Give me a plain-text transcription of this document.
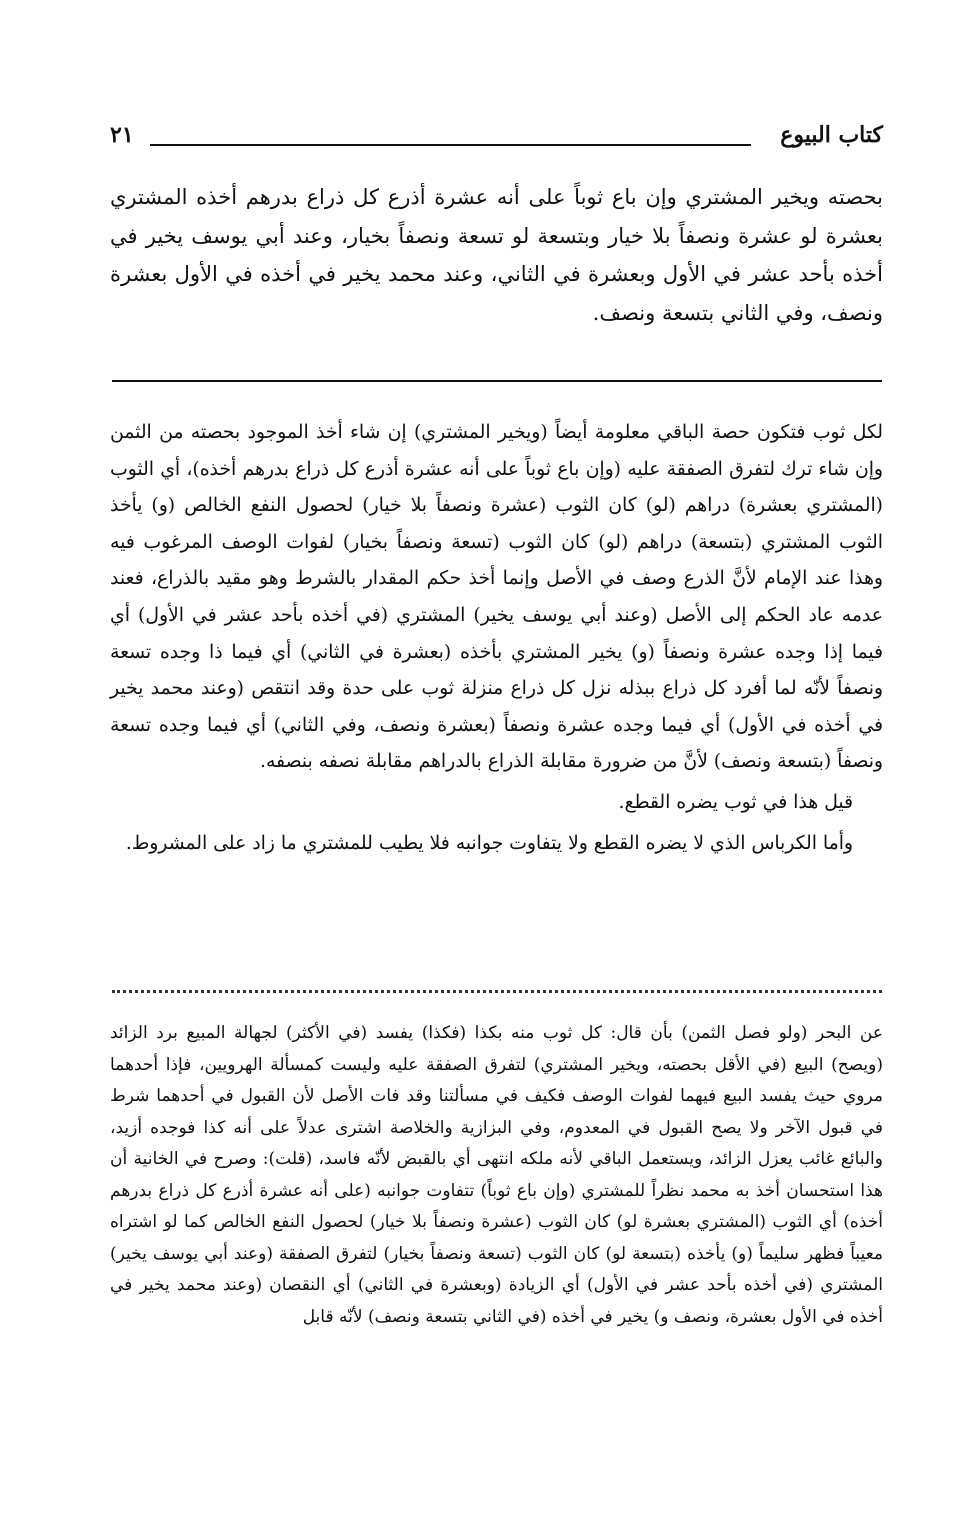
كتاب البيوع
٢١
بحصته ويخير المشتري وإن باع ثوباً على أنه عشرة أذرع كل ذراع بدرهم أخذه المشتري بعشرة لو عشرة ونصفاً بلا خيار وبتسعة لو تسعة ونصفاً بخيار، وعند أبي يوسف يخير في أخذه بأحد عشر في الأول وبعشرة في الثاني، وعند محمد يخير في أخذه في الأول بعشرة ونصف، وفي الثاني بتسعة ونصف.

لكل ثوب فتكون حصة الباقي معلومة أيضاً (ويخير المشتري) إن شاء أخذ الموجود بحصته من الثمن وإن شاء ترك لتفرق الصفقة عليه (وإن باع ثوباً على أنه عشرة أذرع كل ذراع بدرهم أخذه)، أي الثوب (المشتري بعشرة) دراهم (لو) كان الثوب (عشرة ونصفاً بلا خيار) لحصول النفع الخالص (و) يأخذ الثوب المشتري (بتسعة) دراهم (لو) كان الثوب (تسعة ونصفاً بخيار) لفوات الوصف المرغوب فيه وهذا عند الإمام لأنَّ الذرع وصف في الأصل وإنما أخذ حكم المقدار بالشرط وهو مقيد بالذراع، فعند عدمه عاد الحكم إلى الأصل (وعند أبي يوسف يخير) المشتري (في أخذه بأحد عشر في الأول) أي فيما إذا وجده عشرة ونصفاً (و) يخير المشتري بأخذه (بعشرة في الثاني) أي فيما ذا وجده تسعة ونصفاً لأنّه لما أفرد كل ذراع ببذله نزل كل ذراع منزلة ثوب على حدة وقد انتقص (وعند محمد يخير في أخذه في الأول) أي فيما وجده عشرة ونصفاً (بعشرة ونصف، وفي الثاني) أي فيما وجده تسعة ونصفاً (بتسعة ونصف) لأنَّ من ضرورة مقابلة الذراع بالدراهم مقابلة نصفه بنصفه.

قيل هذا في ثوب يضره القطع.

وأما الكرباس الذي لا يضره القطع ولا يتفاوت جوانبه فلا يطيب للمشتري ما زاد على المشروط.

عن البحر (ولو فصل الثمن) بأن قال: كل ثوب منه بكذا (فكذا) يفسد (في الأكثر) لجهالة المبيع برد الزائد (ويصح) البيع (في الأقل بحصته، ويخير المشتري) لتفرق الصفقة عليه وليست كمسألة الهرويين، فإذا أحدهما مروي حيث يفسد البيع فيهما لفوات الوصف فكيف في مسألتنا وقد فات الأصل لأن القبول في أحدهما شرط في قبول الآخر ولا يصح القبول في المعدوم، وفي البزازية والخلاصة اشترى عدلاً على أنه كذا فوجده أزيد، والبائع غائب يعزل الزائد، ويستعمل الباقي لأنه ملكه انتهى أي بالقبض لأنّه فاسد، (قلت): وصرح في الخانية أن هذا استحسان أخذ به محمد نظراً للمشتري (وإن باع ثوباً) تتفاوت جوانبه (على أنه عشرة أذرع كل ذراع بدرهم أخذه) أي الثوب (المشتري بعشرة لو) كان الثوب (عشرة ونصفاً بلا خيار) لحصول النفع الخالص كما لو اشتراه معيباً فظهر سليماً (و) يأخذه (بتسعة لو) كان الثوب (تسعة ونصفاً بخيار) لتفرق الصفقة (وعند أبي يوسف يخير) المشتري (في أخذه بأحد عشر في الأول) أي الزيادة (وبعشرة في الثاني) أي النقصان (وعند محمد يخير في أخذه في الأول بعشرة، ونصف و) يخير في أخذه (في الثاني بتسعة ونصف) لأنّه قابل
